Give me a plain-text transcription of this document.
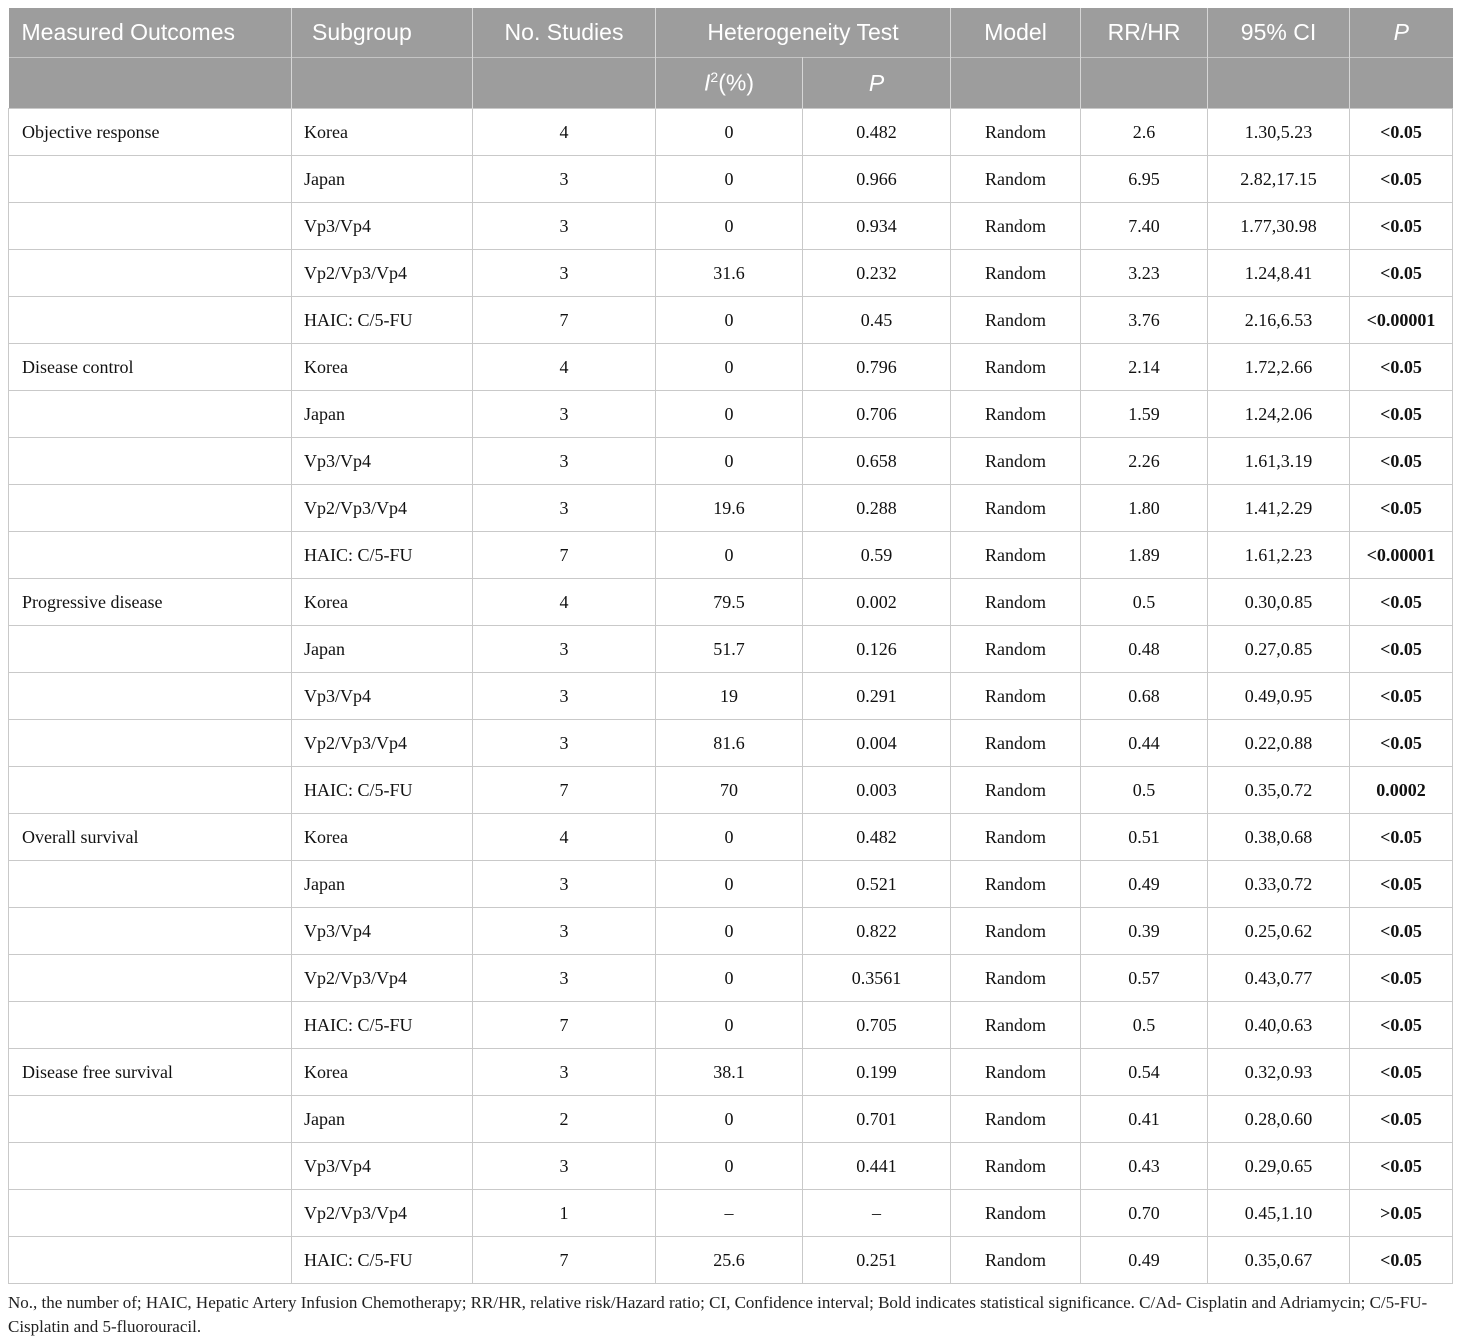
Measured Outcomes	Subgroup	No. Studies	Heterogeneity Test		Model	RR/HR	95% CI	P
			$I^2(\%)$	P				
Objective response	Korea	4	0	0.482	Random	2.6	1.30,5.23	<0.05
	Japan	3	0	0.966	Random	6.95	2.82,17.15	<0.05
	Vp3/Vp4	3	0	0.934	Random	7.40	1.77,30.98	<0.05
	Vp2/Vp3/Vp4	3	31.6	0.232	Random	3.23	1.24,8.41	<0.05
	HAIC: C/5-FU	7	0	0.45	Random	3.76	2.16,6.53	<0.00001
Disease control	Korea	4	0	0.796	Random	2.14	1.72,2.66	<0.05
	Japan	3	0	0.706	Random	1.59	1.24,2.06	<0.05
	Vp3/Vp4	3	0	0.658	Random	2.26	1.61,3.19	<0.05
	Vp2/Vp3/Vp4	3	19.6	0.288	Random	1.80	1.41,2.29	<0.05
	HAIC: C/5-FU	7	0	0.59	Random	1.89	1.61,2.23	<0.00001
Progressive disease	Korea	4	79.5	0.002	Random	0.5	0.30,0.85	<0.05
	Japan	3	51.7	0.126	Random	0.48	0.27,0.85	<0.05
	Vp3/Vp4	3	19	0.291	Random	0.68	0.49,0.95	<0.05
	Vp2/Vp3/Vp4	3	81.6	0.004	Random	0.44	0.22,0.88	<0.05
	HAIC: C/5-FU	7	70	0.003	Random	0.5	0.35,0.72	0.0002
Overall survival	Korea	4	0	0.482	Random	0.51	0.38,0.68	<0.05
	Japan	3	0	0.521	Random	0.49	0.33,0.72	<0.05
	Vp3/Vp4	3	0	0.822	Random	0.39	0.25,0.62	<0.05
	Vp2/Vp3/Vp4	3	0	0.3561	Random	0.57	0.43,0.77	<0.05
	HAIC: C/5-FU	7	0	0.705	Random	0.5	0.40,0.63	<0.05
Disease free survival	Korea	3	38.1	0.199	Random	0.54	0.32,0.93	<0.05
	Japan	2	0	0.701	Random	0.41	0.28,0.60	<0.05
	Vp3/Vp4	3	0	0.441	Random	0.43	0.29,0.65	<0.05
	Vp2/Vp3/Vp4	1	–	–	Random	0.70	0.45,1.10	>0.05
	HAIC: C/5-FU	7	25.6	0.251	Random	0.49	0.35,0.67	<0.05
No., the number of; HAIC, Hepatic Artery Infusion Chemotherapy; RR/HR, relative risk/Hazard ratio; CI, Confidence interval; Bold indicates statistical significance. C/Ad- Cisplatin and Adriamycin; C/5-FU- Cisplatin and 5-fluorouracil.
